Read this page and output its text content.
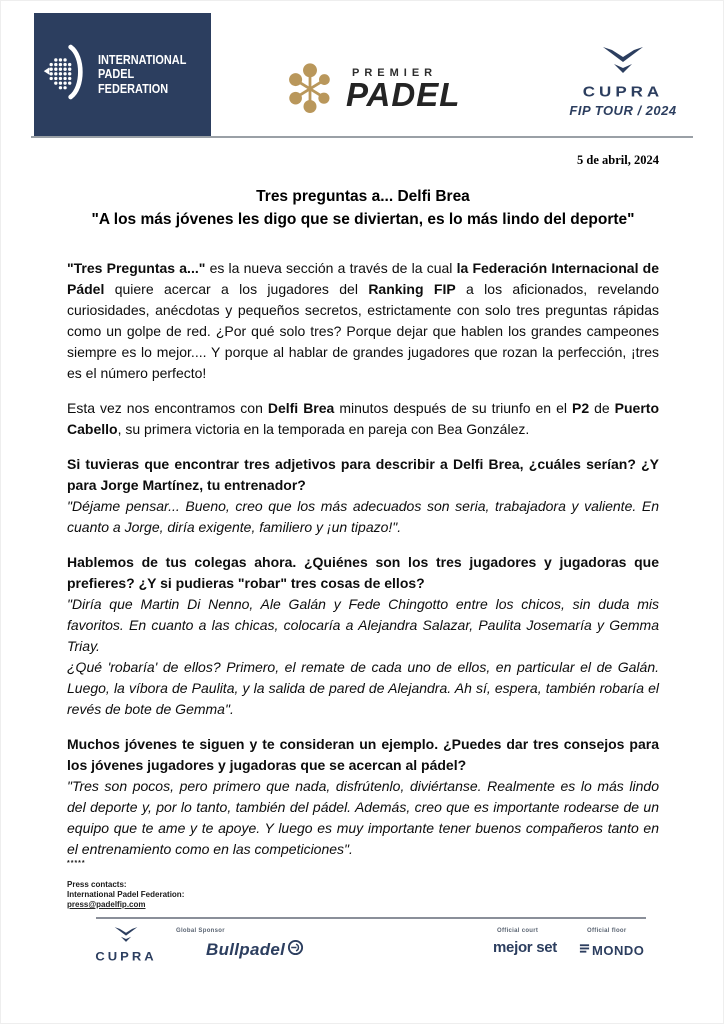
INTERNATIONAL
PADEL
FEDERATION
PREMIER
PADEL	CUPRA
FIP TOUR / 2024
5 de abril, 2024
Tres preguntas a... Delfi Brea
"A los más jóvenes les digo que se diviertan, es lo más lindo del deporte"

"Tres Preguntas a..." es la nueva sección a través de la cual la Federación Internacional de Pádel quiere acercar a los jugadores del Ranking FIP a los aficionados, revelando curiosidades, anécdotas y pequeños secretos, estrictamente con solo tres preguntas rápidas como un golpe de red. ¿Por qué solo tres? Porque dejar que hablen los grandes campeones siempre es lo mejor.... Y porque al hablar de grandes jugadores que rozan la perfección, ¡tres es el número perfecto!

Esta vez nos encontramos con Delfi Brea minutos después de su triunfo en el P2 de Puerto Cabello, su primera victoria en la temporada en pareja con Bea González.

Si tuvieras que encontrar tres adjetivos para describir a Delfi Brea, ¿cuáles serían? ¿Y para Jorge Martínez, tu entrenador?

"Déjame pensar... Bueno, creo que los más adecuados son seria, trabajadora y valiente. En cuanto a Jorge, diría exigente, familiero y ¡un tipazo!".

Hablemos de tus colegas ahora. ¿Quiénes son los tres jugadores y jugadoras que prefieres? ¿Y si pudieras "robar" tres cosas de ellos?

"Diría que Martin Di Nenno, Ale Galán y Fede Chingotto entre los chicos, sin duda mis favoritos. En cuanto a las chicas, colocaría a Alejandra Salazar, Paulita Josemaría y Gemma Triay.

¿Qué 'robaría' de ellos? Primero, el remate de cada uno de ellos, en particular el de Galán. Luego, la víbora de Paulita, y la salida de pared de Alejandra. Ah sí, espera, también robaría el revés de bote de Gemma".

Muchos jóvenes te siguen y te consideran un ejemplo. ¿Puedes dar tres consejos para los jóvenes jugadores y jugadoras que se acercan al pádel?

"Tres son pocos, pero primero que nada, disfrútenlo, diviértanse. Realmente es lo más lindo del deporte y, por lo tanto, también del pádel. Además, creo que es importante rodearse de un equipo que te ame y te apoye. Y luego es muy importante tener buenos compañeros tanto en el entrenamiento como en las competiciones".

*****
Press contacts:
International Padel Federation:
press@padelfip.com
CUPRA
Global Sponsor
Bullpadel
Official court
mejor set
Official floor
MONDO
